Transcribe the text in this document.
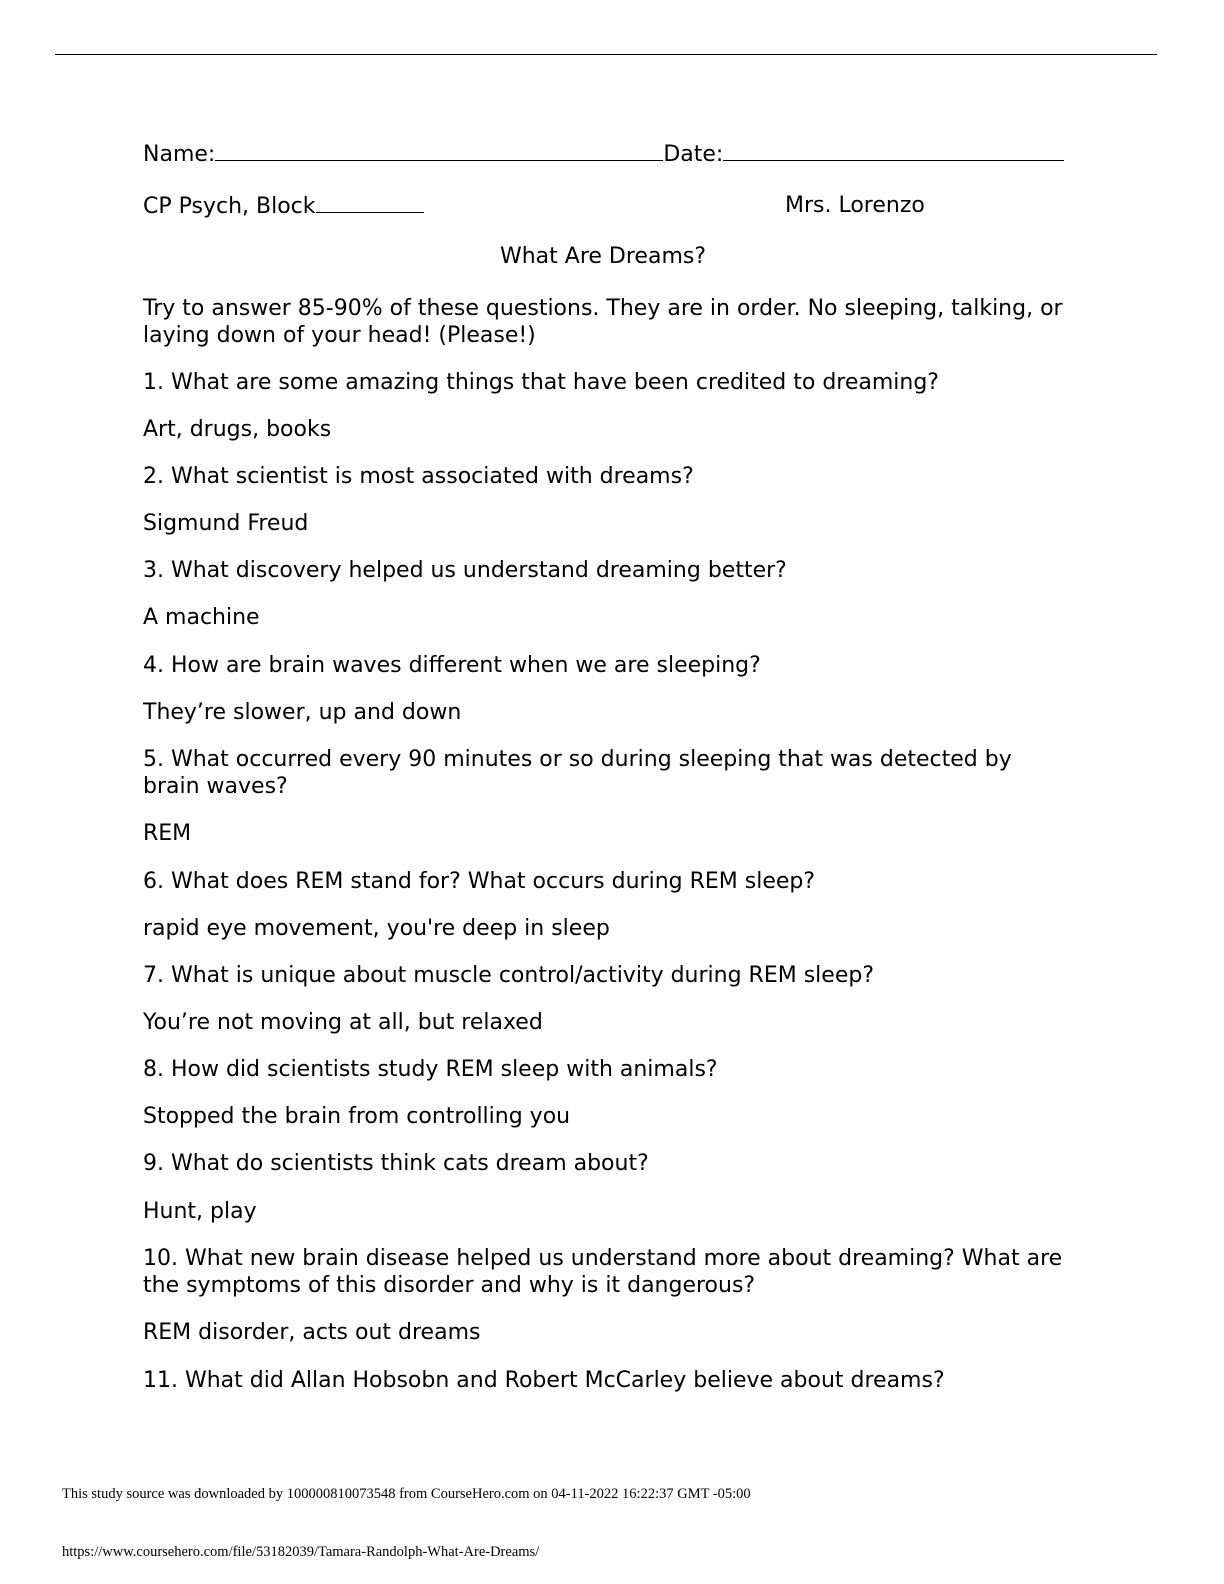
Name:	Date:
CP Psych, Block	Mrs. Lorenzo
What Are Dreams?
Try to answer 85-90% of these questions. They are in order. No sleeping, talking, or laying down of your head! (Please!)
1. What are some amazing things that have been credited to dreaming?
Art, drugs, books
2. What scientist is most associated with dreams?
Sigmund Freud
3. What discovery helped us understand dreaming better?
A machine
4. How are brain waves different when we are sleeping?
They’re slower, up and down
5. What occurred every 90 minutes or so during sleeping that was detected by brain waves?
REM
6. What does REM stand for? What occurs during REM sleep?
rapid eye movement, you're deep in sleep
7. What is unique about muscle control/activity during REM sleep?
You’re not moving at all, but relaxed
8. How did scientists study REM sleep with animals?
Stopped the brain from controlling you
9. What do scientists think cats dream about?
Hunt, play
10. What new brain disease helped us understand more about dreaming? What are the symptoms of this disorder and why is it dangerous?
REM disorder, acts out dreams
11. What did Allan Hobsobn and Robert McCarley believe about dreams?
This study source was downloaded by 100000810073548 from CourseHero.com on 04-11-2022 16:22:37 GMT -05:00
https://www.coursehero.com/file/53182039/Tamara-Randolph-What-Are-Dreams/
